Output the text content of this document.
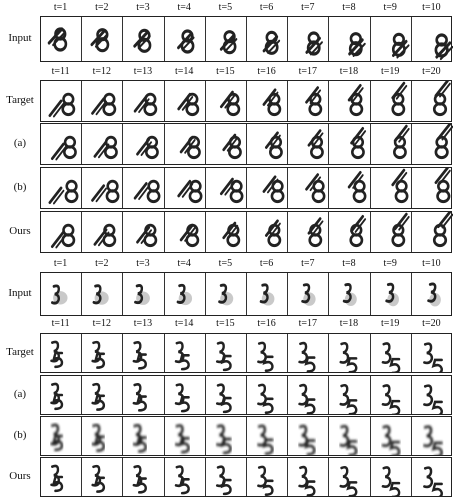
t=1	t=2	t=3	t=4	t=5	t=6	t=7	t=8	t=9	t=10
Input
t=11	t=12	t=13	t=14	t=15	t=16	t=17	t=18	t=19	t=20
Target
(a)
(b)
Ours
t=1	t=2	t=3	t=4	t=5	t=6	t=7	t=8	t=9	t=10
Input
t=11	t=12	t=13	t=14	t=15	t=16	t=17	t=18	t=19	t=20
Target
(a)
(b)
Ours
